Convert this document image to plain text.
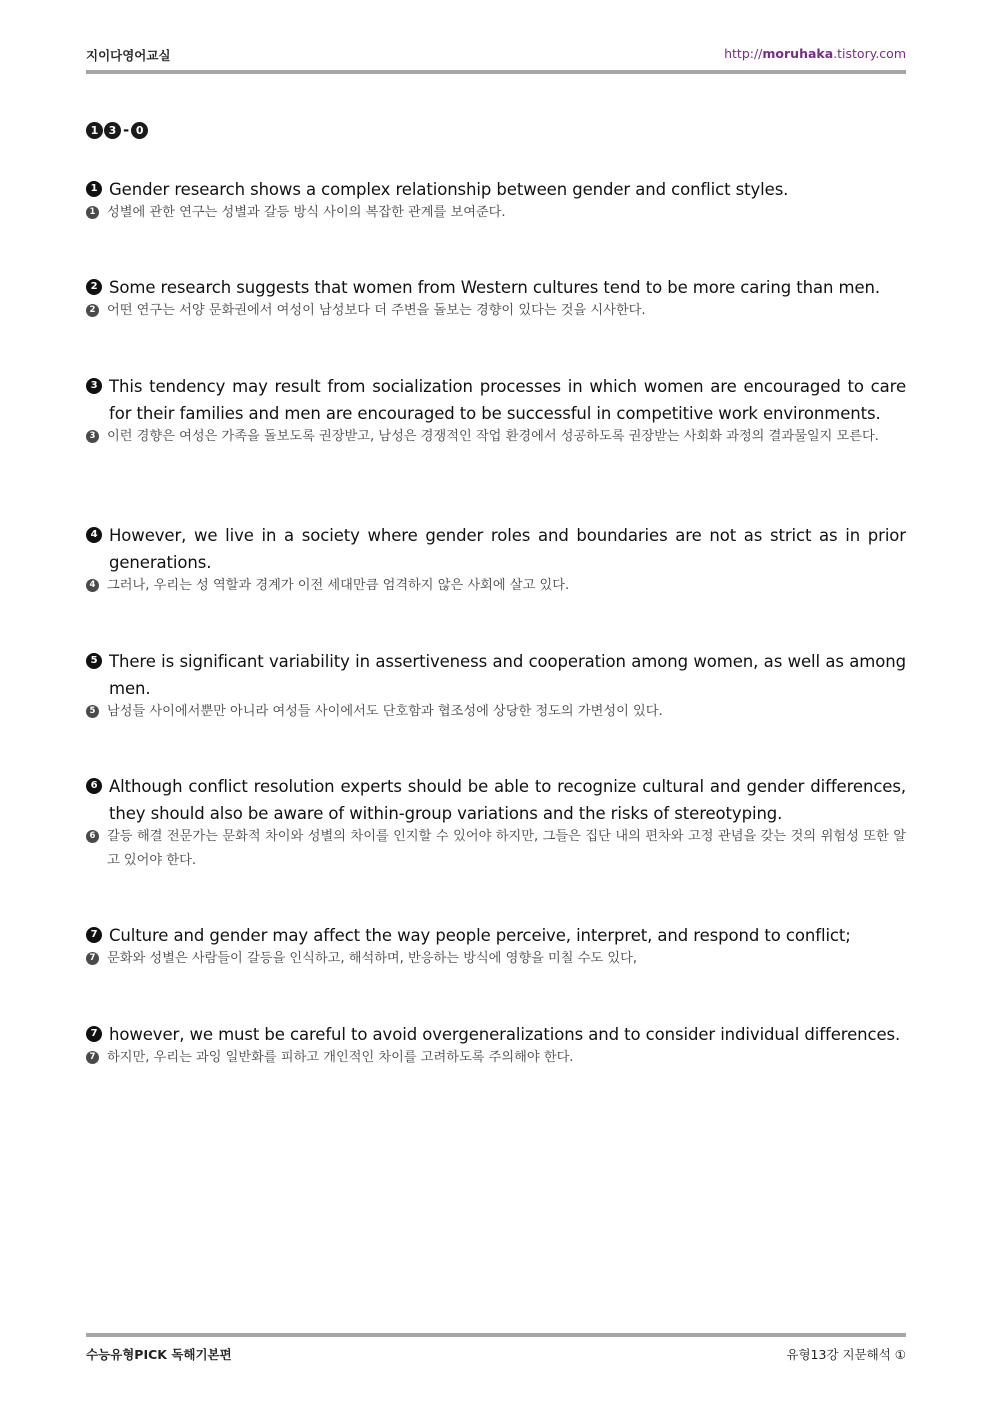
지이다영어교실	http://moruhaka.tistory.com
1 3 - 0
1 Gender research shows a complex relationship between gender and conflict styles.
1 성별에 관한 연구는 성별과 갈등 방식 사이의 복잡한 관계를 보여준다.
2 Some research suggests that women from Western cultures tend to be more caring than men.
2 어떤 연구는 서양 문화권에서 여성이 남성보다 더 주변을 돌보는 경향이 있다는 것을 시사한다.
3 This tendency may result from socialization processes in which women are encouraged to care for their families and men are encouraged to be successful in competitive work environments.
3 이런 경향은 여성은 가족을 돌보도록 권장받고, 남성은 경쟁적인 작업 환경에서 성공하도록 권장받는 사회화 과정의 결과물일지 모른다.
4 However, we live in a society where gender roles and boundaries are not as strict as in prior generations.
4 그러나, 우리는 성 역할과 경계가 이전 세대만큼 엄격하지 않은 사회에 살고 있다.
5 There is significant variability in assertiveness and cooperation among women, as well as among men.
5 남성들 사이에서뿐만 아니라 여성들 사이에서도 단호함과 협조성에 상당한 정도의 가변성이 있다.
6 Although conflict resolution experts should be able to recognize cultural and gender differences, they should also be aware of within-group variations and the risks of stereotyping.
6 갈등 해결 전문가는 문화적 차이와 성별의 차이를 인지할 수 있어야 하지만, 그들은 집단 내의 편차와 고정 관념을 갖는 것의 위험성 또한 알고 있어야 한다.
7 Culture and gender may affect the way people perceive, interpret, and respond to conflict;
7 문화와 성별은 사람들이 갈등을 인식하고, 해석하며, 반응하는 방식에 영향을 미칠 수도 있다,
7 however, we must be careful to avoid overgeneralizations and to consider individual differences.
7 하지만, 우리는 과잉 일반화를 피하고 개인적인 차이를 고려하도록 주의해야 한다.
수능유형PICK 독해기본편	유형13강 지문해석 ①
